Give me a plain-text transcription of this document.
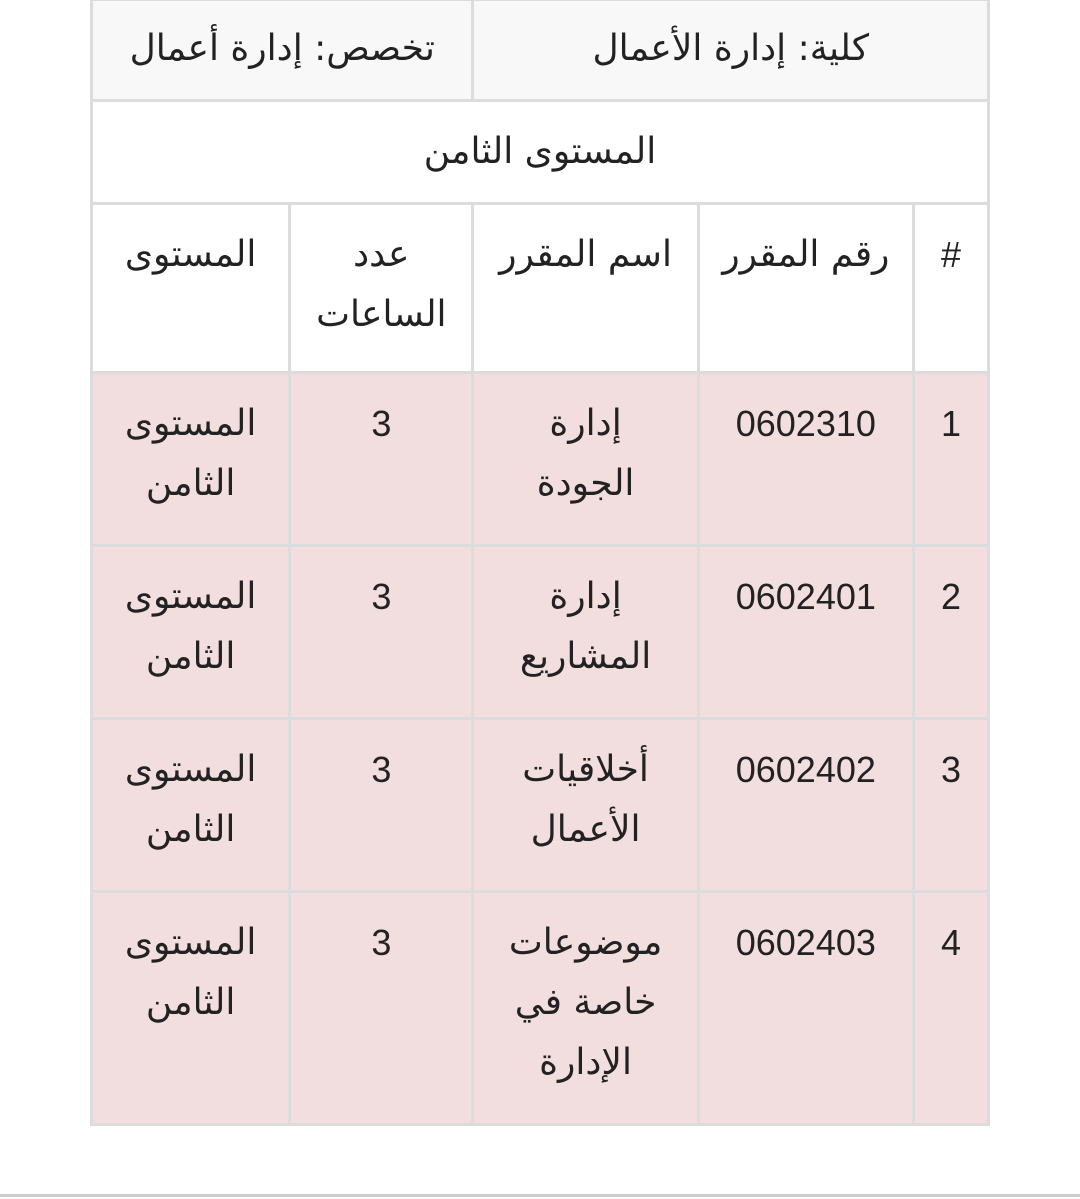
كلية: إدارة الأعمال			تخصص: إدارة أعمال	
المستوى الثامن				
#	رقم المقرر	اسم المقرر	عدد الساعات	المستوى
1	0602310	إدارة الجودة	3	المستوى الثامن
2	0602401	إدارة المشاريع	3	المستوى الثامن
3	0602402	أخلاقيات الأعمال	3	المستوى الثامن
4	0602403	موضوعات خاصة في الإدارة	3	المستوى الثامن
